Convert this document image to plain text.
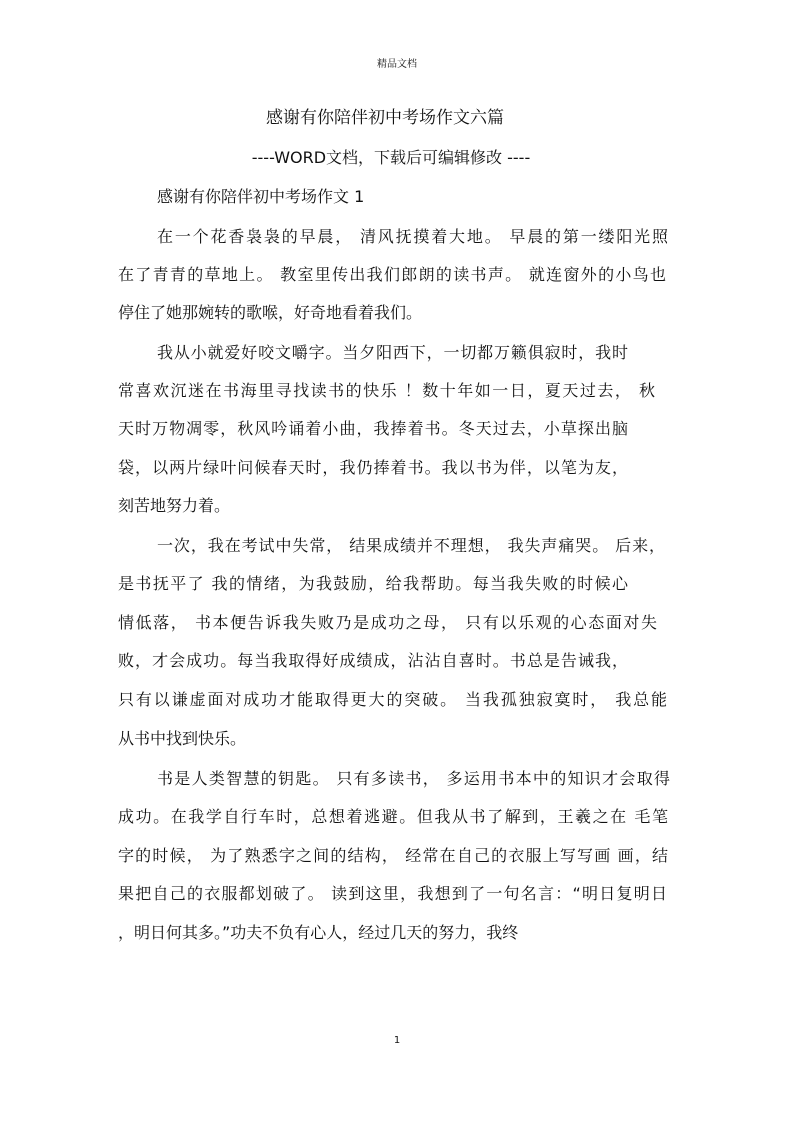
精品文档
感谢有你陪伴初中考场作文六篇
----WORD文档，下载后可编辑修改 ----
感谢有你陪伴初中考场作文 1
在一个花香袅袅的早晨， 清风抚摸着大地。 早晨的第一缕阳光照
在了青青的草地上。 教室里传出我们郎朗的读书声。 就连窗外的小鸟也
停住了她那婉转的歌喉，好奇地看着我们。
我从小就爱好咬文嚼字。当夕阳西下，一切都万籁俱寂时，我时
常喜欢沉迷在书海里寻找读书的快乐 ！数十年如一日，夏天过去， 秋
天时万物凋零，秋风吟诵着小曲，我捧着书。冬天过去，小草探出脑
袋，以两片绿叶问候春天时，我仍捧着书。我以书为伴，以笔为友，
刻苦地努力着。
一次，我在考试中失常， 结果成绩并不理想， 我失声痛哭。 后来，
是书抚平了 我的情绪，为我鼓励，给我帮助。每当我失败的时候心
情低落， 书本便告诉我失败乃是成功之母， 只有以乐观的心态面对失
败，才会成功。每当我取得好成绩成，沾沾自喜时。书总是告诫我，
只有以谦虚面对成功才能取得更大的突破。 当我孤独寂寞时， 我总能
从书中找到快乐。
书是人类智慧的钥匙。 只有多读书， 多运用书本中的知识才会取得
成功。在我学自行车时，总想着逃避。但我从书了解到，王羲之在 毛笔
字的时候， 为了熟悉字之间的结构， 经常在自己的衣服上写写画 画，结
果把自己的衣服都划破了。 读到这里，我想到了一句名言：“明日复明日
，明日何其多。”功夫不负有心人，经过几天的努力，我终
1
